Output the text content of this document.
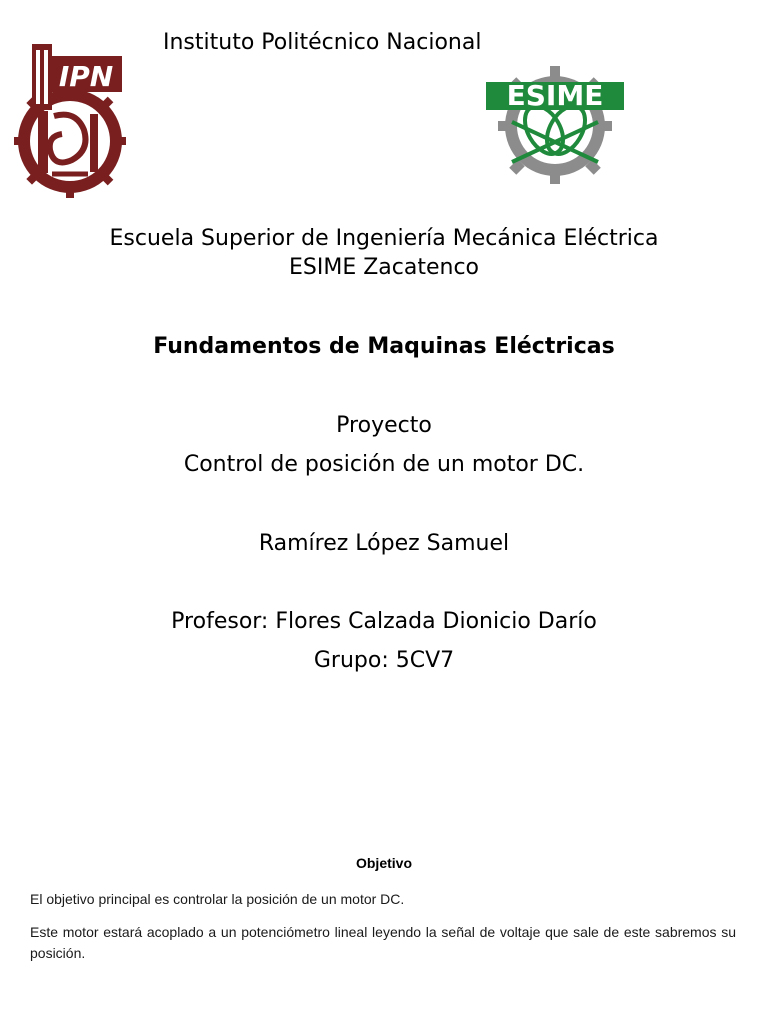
IPN
Instituto Politécnico Nacional
ESIME
Escuela Superior de Ingeniería Mecánica Eléctrica
ESIME Zacatenco
Fundamentos de Maquinas Eléctricas
Proyecto
Control de posición de un motor DC.
Ramírez López Samuel
Profesor: Flores Calzada Dionicio Darío
Grupo: 5CV7
Objetivo
El objetivo principal es controlar la posición de un motor DC.
Este motor estará acoplado a un potenciómetro lineal leyendo la señal de voltaje que sale de este sabremos su posición.
